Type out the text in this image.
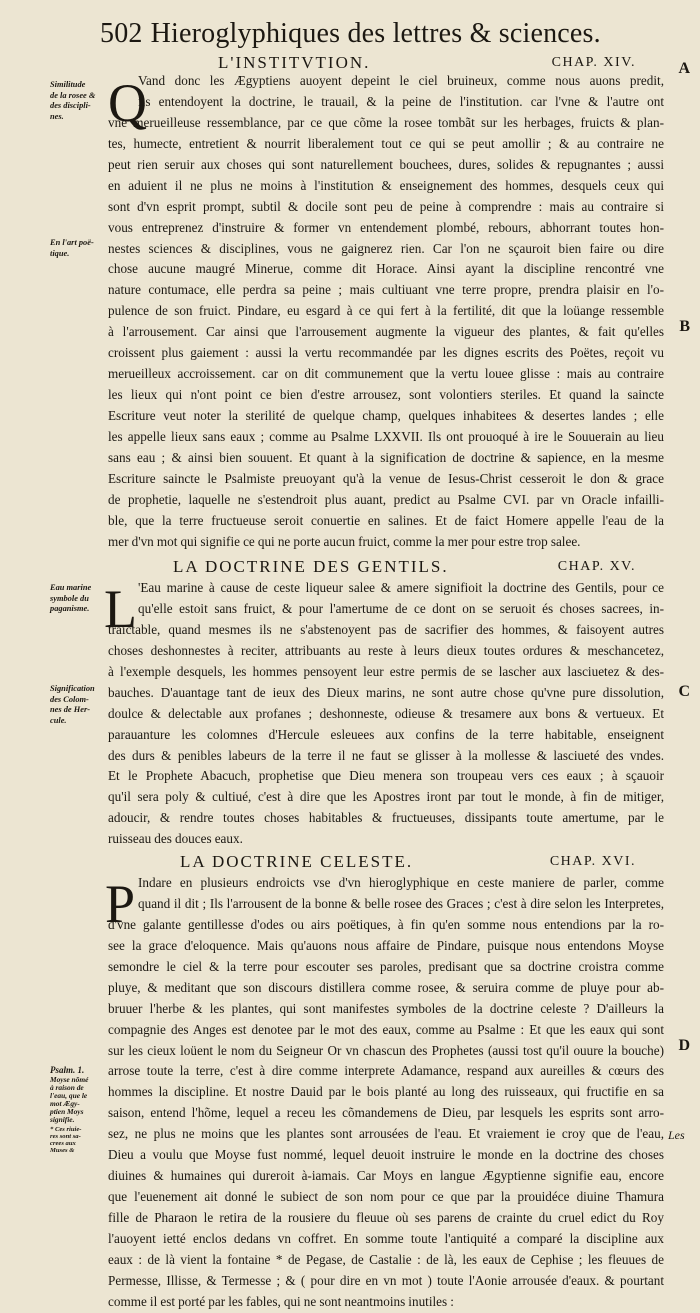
502 Hieroglyphiques des lettres & sciences.
L'INSTITVTION.	CHAP. XIV.
Q
Vand donc les Ægyptiens auoyent depeint le ciel bruineux, comme nous auons predit,
ils entendoyent la doctrine, le trauail, & la peine de l'institution. car l'vne & l'autre ont
vne merueilleuse ressemblance, par ce que cõme la rosee tombãt sur les herbages, fruicts & plan-
tes, humecte, entretient & nourrit liberalement tout ce qui se peut amollir ; & au contraire ne
peut rien seruir aux choses qui sont naturellement bouchees, dures, solides & repugnantes ; aussi
en aduient il ne plus ne moins à l'institution & enseignement des hommes, desquels ceux qui
sont d'vn esprit prompt, subtil & docile sont peu de peine à comprendre : mais au contraire si
vous entreprenez d'instruire & former vn entendement plombé, rebours, abhorrant toutes hon-
nestes sciences & disciplines, vous ne gaignerez rien. Car l'on ne sçauroit bien faire ou dire
chose aucune maugré Minerue, comme dit Horace. Ainsi ayant la discipline rencontré vne
nature contumace, elle perdra sa peine ; mais cultiuant vne terre propre, prendra plaisir en l'o-
pulence de son fruict. Pindare, eu esgard à ce qui fert à la fertilité, dit que la loüange ressemble
à l'arrousement. Car ainsi que l'arrousement augmente la vigueur des plantes, & fait qu'elles
croissent plus gaiement : aussi la vertu recommandée par les dignes escrits des Poëtes, reçoit vu
merueilleux accroissement. car on dit communement que la vertu louee glisse : mais au contraire
les lieux qui n'ont point ce bien d'estre arrousez, sont volontiers steriles. Et quand la saincte
Escriture veut noter la sterilité de quelque champ, quelques inhabitees & desertes landes ; elle
les appelle lieux sans eaux ; comme au Psalme LXXVII. Ils ont prouoqué à ire le Souuerain au lieu
sans eau ; & ainsi bien souuent. Et quant à la signification de doctrine & sapience, en la mesme
Escriture saincte le Psalmiste preuoyant qu'à la venue de Iesus-Christ cesseroit le don & grace
de prophetie, laquelle ne s'estendroit plus auant, predict au Psalme CVI. par vn Oracle infailli-
ble, que la terre fructueuse seroit conuertie en salines. Et de faict Homere appelle l'eau de la
mer d'vn mot qui signifie ce qui ne porte aucun fruict, comme la mer pour estre trop salee.
LA DOCTRINE DES GENTILS.	CHAP. XV.
L 'Eau marine à cause de ceste liqueur salee & amere signifioit la doctrine des Gentils, pour ce
qu'elle estoit sans fruict, & pour l'amertume de ce dont on se seruoit és choses sacrees, in-
traictable, quand mesmes ils ne s'abstenoyent pas de sacrifier des hommes, & faisoyent autres
choses deshonnestes à reciter, attribuants au reste à leurs dieux toutes ordures & meschancetez,
à l'exemple desquels, les hommes pensoyent leur estre permis de se lascher aux lasciuetez & des-
bauches. D'auantage tant de ieux des Dieux marins, ne sont autre chose qu'vne pure dissolution,
doulce & delectable aux profanes ; deshonneste, odieuse & tresamere aux bons & vertueux. Et
parauanture les colomnes d'Hercule esleuees aux confins de la terre habitable, enseignent
des durs & penibles labeurs de la terre il ne faut se glisser à la mollesse & lasciueté des vndes.
Et le Prophete Abacuch, prophetise que Dieu menera son troupeau vers ces eaux ; à sçauoir
qu'il sera poly & cultiué, c'est à dire que les Apostres iront par tout le monde, à fin de mitiger,
adoucir, & rendre toutes choses habitables & fructueuses, dissipants toute amertume, par le
ruisseau des douces eaux.
LA DOCTRINE CELESTE.	CHAP. XVI.
P Indare en plusieurs endroicts vse d'vn hieroglyphique en ceste maniere de parler, comme
quand il dit ; Ils l'arrousent de la bonne & belle rosee des Graces ; c'est à dire selon les Interpretes,
d'vne galante gentillesse d'odes ou airs poëtiques, à fin qu'en somme nous entendions par la ro-
see la grace d'eloquence. Mais qu'auons nous affaire de Pindare, puisque nous entendons Moyse
semondre le ciel & la terre pour escouter ses paroles, predisant que sa doctrine croistra comme
pluye, & meditant que son discours distillera comme rosee, & seruira comme de pluye pour ab-
bruuer l'herbe & les plantes, qui sont manifestes symboles de la doctrine celeste ? D'ailleurs la
compagnie des Anges est denotee par le mot des eaux, comme au Psalme : Et que les eaux qui sont
sur les cieux loüent le nom du Seigneur Or vn chascun des Prophetes (aussi tost qu'il ouure la bouche)
arrose toute la terre, c'est à dire comme interprete Adamance, respand aux aureilles & cœurs des
hommes la discipline. Et nostre Dauid par le bois planté au long des ruisseaux, qui fructifie en sa
saison, entend l'hõme, lequel a receu les cõmandemens de Dieu, par lesquels les esprits sont arro-
sez, ne plus ne moins que les plantes sont arrousées de l'eau. Et vraiement ie croy que de l'eau,
Dieu a voulu que Moyse fust nommé, lequel deuoit instruire le monde en la doctrine des choses
diuines & humaines qui dureroit à-iamais. Car Moys en langue Ægyptienne signifie eau, encore
que l'euenement ait donné le subiect de son nom pour ce que par la prouidéce diuine Thamura
fille de Pharaon le retira de la rousiere du fleuue où ses parens de crainte du cruel edict du Roy
l'auoyent ietté enclos dedans vn coffret. En somme toute l'antiquité a comparé la discipline aux
eaux : de là vient la fontaine * de Pegase, de Castalie : de là, les eaux de Cephise ; les fleuues de
Permesse, Illisse, & Termesse ; & ( pour dire en vn mot ) toute l'Aonie arrousée d'eaux. & pourtant
comme il est porté par les fables, qui ne sont neantmoins inutiles :
Similitude
de la rosee &
des discipli-
nes.
En l'art poë-
tique.
Eau marine
symbole du
paganisme.
Signification
des Colom-
nes de Her-
cule.
Psalm. 1.
Moyse nõmé
à raison de
l'eau, que le
mot Ægy-
ptien Moys
signifie.
A
B
C
D
Les
* Ces riuie-
res sont sa-
crees aux
Muses &
